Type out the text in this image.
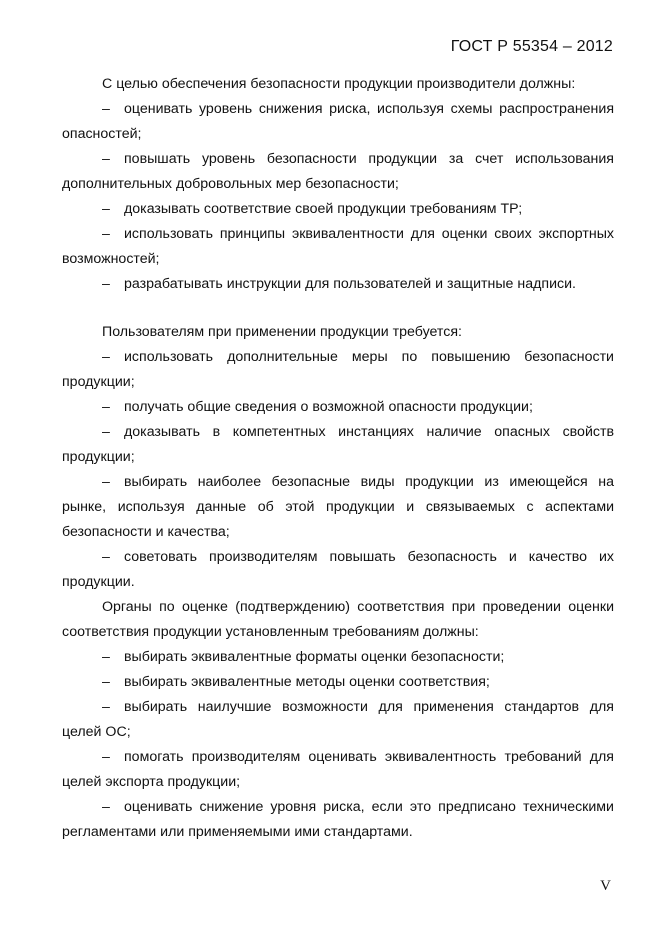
ГОСТ Р 55354 – 2012

С целью обеспечения безопасности продукции производители должны:

– оценивать уровень снижения риска, используя схемы распространения опасностей;

– повышать уровень безопасности продукции за счет использования дополнительных добровольных мер безопасности;

– доказывать соответствие своей продукции требованиям ТР;

– использовать принципы эквивалентности для оценки своих экспортных возможностей;

– разрабатывать инструкции для пользователей и защитные надписи.

Пользователям при применении продукции требуется:

– использовать дополнительные меры по повышению безопасности продукции;

– получать общие сведения о возможной опасности продукции;

– доказывать в компетентных инстанциях наличие опасных свойств продукции;

– выбирать наиболее безопасные виды продукции из имеющейся на рынке, используя данные об этой продукции и связываемых с аспектами безопасности и качества;

– советовать производителям повышать безопасность и качество их продукции.

Органы по оценке (подтверждению) соответствия при проведении оценки соответствия продукции установленным требованиям должны:

– выбирать эквивалентные форматы оценки безопасности;

– выбирать эквивалентные методы оценки соответствия;

– выбирать наилучшие возможности для применения стандартов для целей ОС;

– помогать производителям оценивать эквивалентность требований для целей экспорта продукции;

– оценивать снижение уровня риска, если это предписано техническими регламентами или применяемыми ими стандартами.

V
